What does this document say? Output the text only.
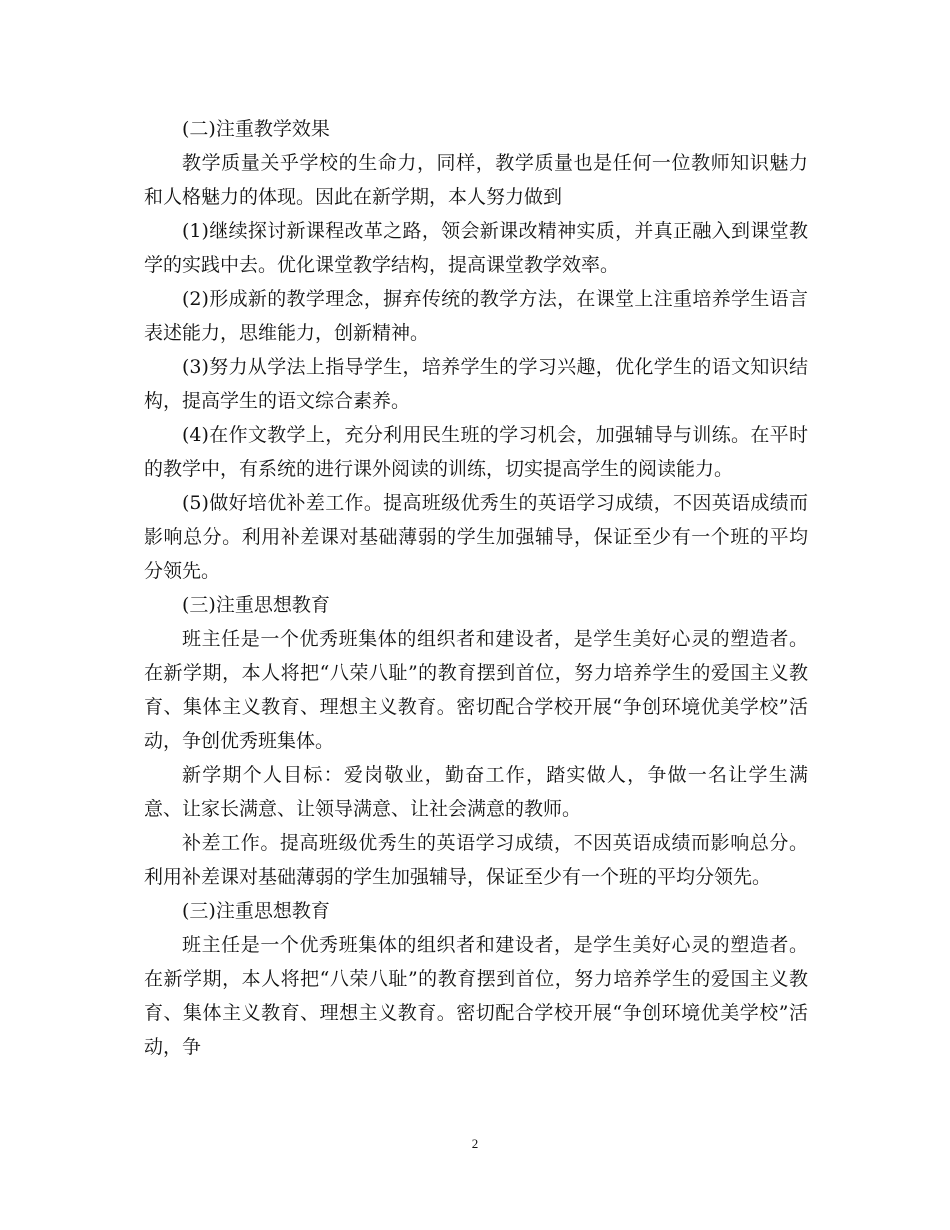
(二)注重教学效果

教学质量关乎学校的生命力，同样，教学质量也是任何一位教师知识魅力和人格魅力的体现。因此在新学期，本人努力做到

(1)继续探讨新课程改革之路，领会新课改精神实质，并真正融入到课堂教学的实践中去。优化课堂教学结构，提高课堂教学效率。

(2)形成新的教学理念，摒弃传统的教学方法，在课堂上注重培养学生语言表述能力，思维能力，创新精神。

(3)努力从学法上指导学生，培养学生的学习兴趣，优化学生的语文知识结构，提高学生的语文综合素养。

(4)在作文教学上，充分利用民生班的学习机会，加强辅导与训练。在平时的教学中，有系统的进行课外阅读的训练，切实提高学生的阅读能力。

(5)做好培优补差工作。提高班级优秀生的英语学习成绩，不因英语成绩而影响总分。利用补差课对基础薄弱的学生加强辅导，保证至少有一个班的平均分领先。

(三)注重思想教育

班主任是一个优秀班集体的组织者和建设者，是学生美好心灵的塑造者。在新学期，本人将把“八荣八耻”的教育摆到首位，努力培养学生的爱国主义教育、集体主义教育、理想主义教育。密切配合学校开展“争创环境优美学校”活动，争创优秀班集体。

新学期个人目标：爱岗敬业，勤奋工作，踏实做人，争做一名让学生满意、让家长满意、让领导满意、让社会满意的教师。

补差工作。提高班级优秀生的英语学习成绩，不因英语成绩而影响总分。利用补差课对基础薄弱的学生加强辅导，保证至少有一个班的平均分领先。

(三)注重思想教育

班主任是一个优秀班集体的组织者和建设者，是学生美好心灵的塑造者。在新学期，本人将把“八荣八耻”的教育摆到首位，努力培养学生的爱国主义教育、集体主义教育、理想主义教育。密切配合学校开展“争创环境优美学校”活动，争

2
